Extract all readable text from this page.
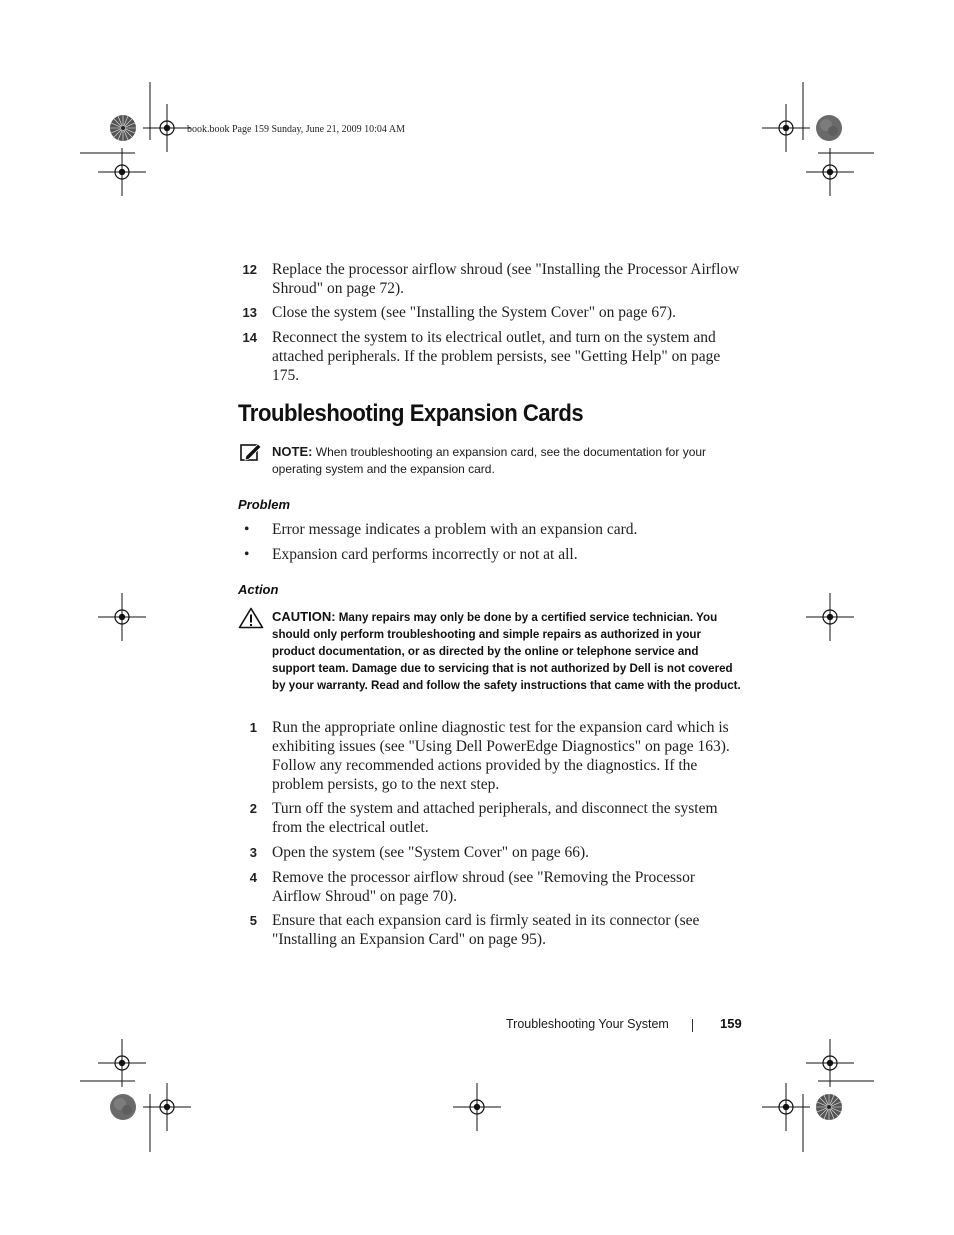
book.book Page 159 Sunday, June 21, 2009 10:04 AM
12 Replace the processor airflow shroud (see "Installing the Processor Airflow Shroud" on page 72).
13 Close the system (see "Installing the System Cover" on page 67).
14 Reconnect the system to its electrical outlet, and turn on the system and attached peripherals. If the problem persists, see "Getting Help" on page 175.
Troubleshooting Expansion Cards
NOTE: When troubleshooting an expansion card, see the documentation for your operating system and the expansion card.
Problem
• Error message indicates a problem with an expansion card.
• Expansion card performs incorrectly or not at all.
Action
CAUTION: Many repairs may only be done by a certified service technician. You should only perform troubleshooting and simple repairs as authorized in your product documentation, or as directed by the online or telephone service and support team. Damage due to servicing that is not authorized by Dell is not covered by your warranty. Read and follow the safety instructions that came with the product.
1 Run the appropriate online diagnostic test for the expansion card which is exhibiting issues (see "Using Dell PowerEdge Diagnostics" on page 163). Follow any recommended actions provided by the diagnostics. If the problem persists, go to the next step.
2 Turn off the system and attached peripherals, and disconnect the system from the electrical outlet.
3 Open the system (see "System Cover" on page 66).
4 Remove the processor airflow shroud (see "Removing the Processor Airflow Shroud" on page 70).
5 Ensure that each expansion card is firmly seated in its connector (see "Installing an Expansion Card" on page 95).
Troubleshooting Your System	159
